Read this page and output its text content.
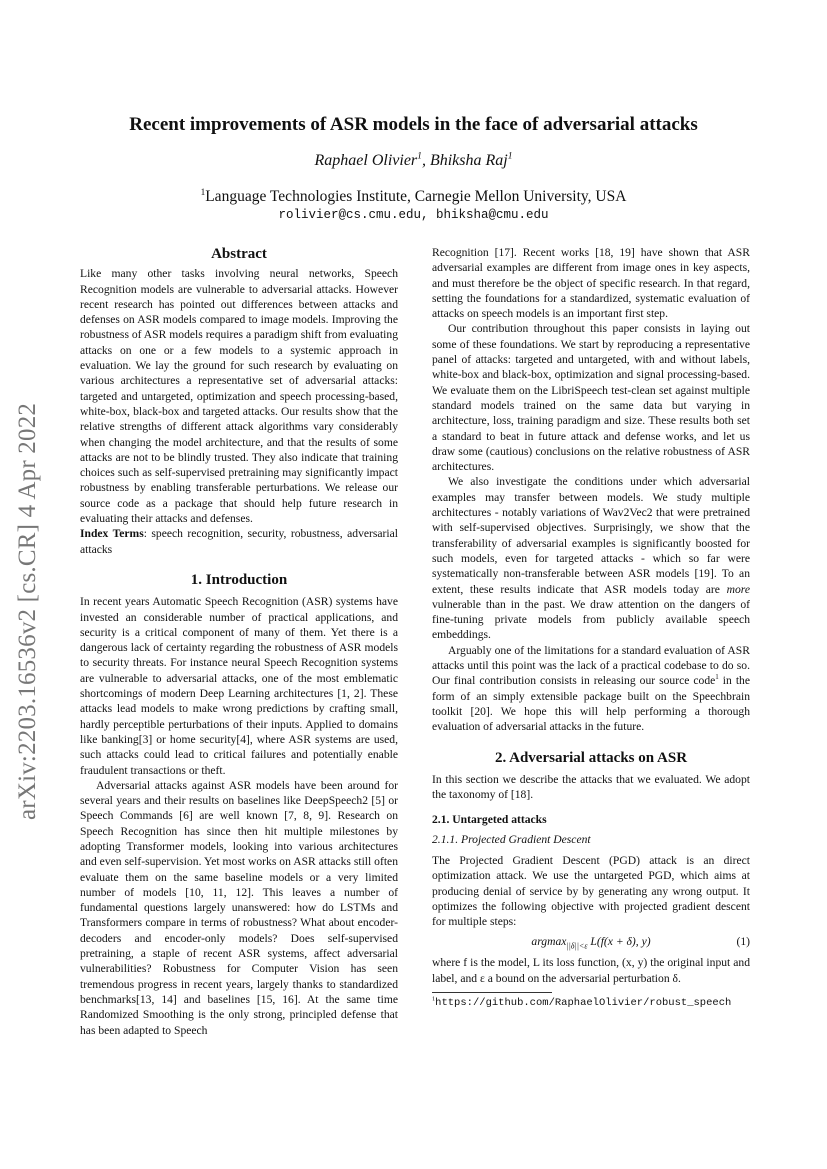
arXiv:2203.16536v2 [cs.CR] 4 Apr 2022
Recent improvements of ASR models in the face of adversarial attacks
Raphael Olivier$^1$, Bhiksha Raj$^1$
$^1$Language Technologies Institute, Carnegie Mellon University, USA
rolivier@cs.cmu.edu, bhiksha@cmu.edu

Abstract

Like many other tasks involving neural networks, Speech Recognition models are vulnerable to adversarial attacks. However recent research has pointed out differences between attacks and defenses on ASR models compared to image models. Improving the robustness of ASR models requires a paradigm shift from evaluating attacks on one or a few models to a systemic approach in evaluation. We lay the ground for such research by evaluating on various architectures a representative set of adversarial attacks: targeted and untargeted, optimization and speech processing-based, white-box, black-box and targeted attacks. Our results show that the relative strengths of different attack algorithms vary considerably when changing the model architecture, and that the results of some attacks are not to be blindly trusted. They also indicate that training choices such as self-supervised pretraining may significantly impact robustness by enabling transferable perturbations. We release our source code as a package that should help future research in evaluating their attacks and defenses.

Index Terms: speech recognition, security, robustness, adversarial attacks

1. Introduction

In recent years Automatic Speech Recognition (ASR) systems have invested an considerable number of practical applications, and security is a critical component of many of them. Yet there is a dangerous lack of certainty regarding the robustness of ASR models to security threats. For instance neural Speech Recognition systems are vulnerable to adversarial attacks, one of the most emblematic shortcomings of modern Deep Learning architectures [1, 2]. These attacks lead models to make wrong predictions by crafting small, hardly perceptible perturbations of their inputs. Applied to domains like banking[3] or home security[4], where ASR systems are used, such attacks could lead to critical failures and potentially enable fraudulent transactions or theft.

Adversarial attacks against ASR models have been around for several years and their results on baselines like DeepSpeech2 [5] or Speech Commands [6] are well known [7, 8, 9]. Research on Speech Recognition has since then hit multiple milestones by adopting Transformer models, looking into various architectures and even self-supervision. Yet most works on ASR attacks still often evaluate them on the same baseline models or a very limited number of models [10, 11, 12]. This leaves a number of fundamental questions largely unanswered: how do LSTMs and Transformers compare in terms of robustness? What about encoder-decoders and encoder-only models? Does self-supervised pretraining, a staple of recent ASR systems, affect adversarial vulnerabilities? Robustness for Computer Vision has seen tremendous progress in recent years, largely thanks to standardized benchmarks[13, 14] and baselines [15, 16]. At the same time Randomized Smoothing is the only strong, principled defense that has been adapted to Speech

Recognition [17]. Recent works [18, 19] have shown that ASR adversarial examples are different from image ones in key aspects, and must therefore be the object of specific research. In that regard, setting the foundations for a standardized, systematic evaluation of attacks on speech models is an important first step.

Our contribution throughout this paper consists in laying out some of these foundations. We start by reproducing a representative panel of attacks: targeted and untargeted, with and without labels, white-box and black-box, optimization and signal processing-based. We evaluate them on the LibriSpeech test-clean set against multiple standard models trained on the same data but varying in architecture, loss, training paradigm and size. These results both set a standard to beat in future attack and defense works, and let us draw some (cautious) conclusions on the relative robustness of ASR architectures.

We also investigate the conditions under which adversarial examples may transfer between models. We study multiple architectures - notably variations of Wav2Vec2 that were pretrained with self-supervised objectives. Surprisingly, we show that the transferability of adversarial examples is significantly boosted for such models, even for targeted attacks - which so far were systematically non-transferable between ASR models [19]. To an extent, these results indicate that ASR models today are more vulnerable than in the past. We draw attention on the dangers of fine-tuning private models from publicly available speech embeddings.

Arguably one of the limitations for a standard evaluation of ASR attacks until this point was the lack of a practical codebase to do so. Our final contribution consists in releasing our source code$^1$ in the form of an simply extensible package built on the Speechbrain toolkit [20]. We hope this will help performing a thorough evaluation of adversarial attacks in the future.

2. Adversarial attacks on ASR

In this section we describe the attacks that we evaluated. We adopt the taxonomy of [18].

2.1. Untargeted attacks

2.1.1. Projected Gradient Descent

The Projected Gradient Descent (PGD) attack is an direct optimization attack. We use the untargeted PGD, which aims at producing denial of service by by generating any wrong output. It optimizes the following objective with projected gradient descent for multiple steps:

argmax$_{||\delta||<\varepsilon}$ L(f(x + δ), y)	(1)

where f is the model, L its loss function, (x, y) the original input and label, and ε a bound on the adversarial perturbation δ.

$^1$https://github.com/RaphaelOlivier/robust_speech
